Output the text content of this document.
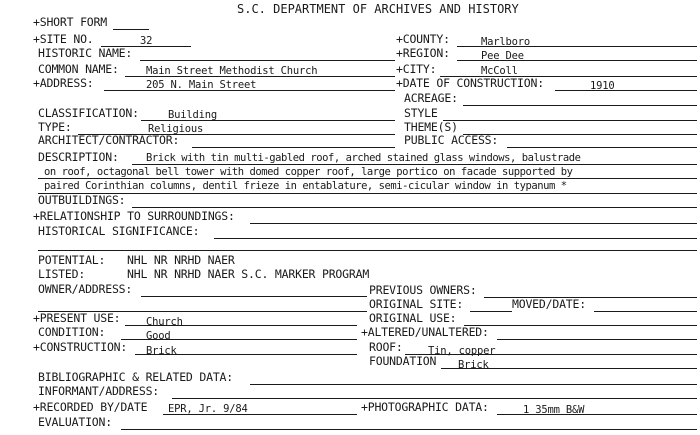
S.C. DEPARTMENT OF ARCHIVES AND HISTORY
+SHORT FORM
+SITE NO.	32	+COUNTY:	Marlboro
HISTORIC NAME:	+REGION:	Pee Dee
COMMON NAME:	Main Street Methodist Church	+CITY:	McColl
+ADDRESS:	205 N. Main Street	+DATE OF CONSTRUCTION:	1910
ACREAGE:
CLASSIFICATION:	Building	STYLE
TYPE:	Religious	THEME(S)
ARCHITECT/CONTRACTOR:	PUBLIC ACCESS:
DESCRIPTION:	Brick with tin multi-gabled roof, arched stained glass windows, balustrade
on roof, octagonal bell tower with domed copper roof, large portico on facade supported by
paired Corinthian columns, dentil frieze in entablature, semi-cicular window in typanum *
OUTBUILDINGS:
+RELATIONSHIP TO SURROUNDINGS:
HISTORICAL SIGNIFICANCE:
POTENTIAL: NHL NR NRHD NAER
LISTED:	NHL NR NRHD NAER S.C. MARKER PROGRAM
OWNER/ADDRESS:	PREVIOUS OWNERS:
ORIGINAL SITE:	MOVED/DATE:
+PRESENT USE: Church	ORIGINAL USE:
CONDITION:	Good	+ALTERED/UNALTERED:
+CONSTRUCTION: Brick	ROOF: Tin, copper
FOUNDATION Brick
BIBLIOGRAPHIC & RELATED DATA:
INFORMANT/ADDRESS:
+RECORDED BY/DATE EPR, Jr. 9/84	+PHOTOGRAPHIC DATA:	1 35mm B&W
EVALUATION:
